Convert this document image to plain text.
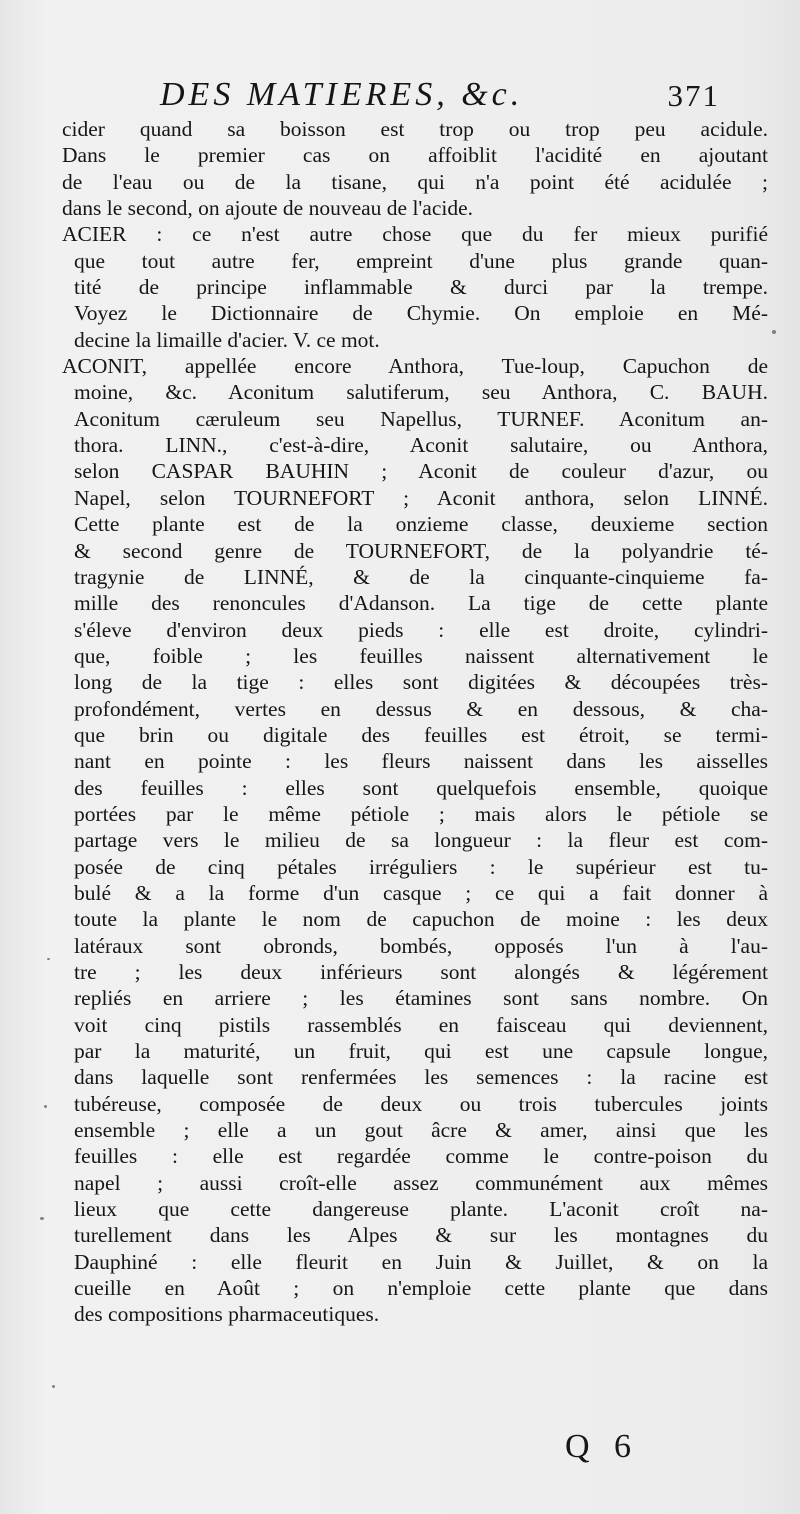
DES MATIERES, &c.	371
cider quand sa boisson est trop ou trop peu acidule.
Dans le premier cas on affoiblit l'acidité en ajoutant
de l'eau ou de la tisane, qui n'a point été acidulée ;
dans le second, on ajoute de nouveau de l'acide.
ACIER : ce n'est autre chose que du fer mieux purifié
que tout autre fer, empreint d'une plus grande quan-
tité de principe inflammable & durci par la trempe.
Voyez le Dictionnaire de Chymie. On emploie en Mé-
decine la limaille d'acier. V. ce mot.
ACONIT, appellée encore Anthora, Tue-loup, Capuchon de
moine, &c. Aconitum salutiferum, seu Anthora, C. BAUH.
Aconitum cæruleum seu Napellus, TURNEF. Aconitum an-
thora. LINN., c'est-à-dire, Aconit salutaire, ou Anthora,
selon CASPAR BAUHIN ; Aconit de couleur d'azur, ou
Napel, selon TOURNEFORT ; Aconit anthora, selon LINNÉ.
Cette plante est de la onzieme classe, deuxieme section
& second genre de TOURNEFORT, de la polyandrie té-
tragynie de LINNÉ, & de la cinquante-cinquieme fa-
mille des renoncules d'Adanson. La tige de cette plante
s'éleve d'environ deux pieds : elle est droite, cylindri-
que, foible ; les feuilles naissent alternativement le
long de la tige : elles sont digitées & découpées très-
profondément, vertes en dessus & en dessous, & cha-
que brin ou digitale des feuilles est étroit, se termi-
nant en pointe : les fleurs naissent dans les aisselles
des feuilles : elles sont quelquefois ensemble, quoique
portées par le même pétiole ; mais alors le pétiole se
partage vers le milieu de sa longueur : la fleur est com-
posée de cinq pétales irréguliers : le supérieur est tu-
bulé & a la forme d'un casque ; ce qui a fait donner à
toute la plante le nom de capuchon de moine : les deux
latéraux sont obronds, bombés, opposés l'un à l'au-
tre ; les deux inférieurs sont alongés & légérement
repliés en arriere ; les étamines sont sans nombre. On
voit cinq pistils rassemblés en faisceau qui deviennent,
par la maturité, un fruit, qui est une capsule longue,
dans laquelle sont renfermées les semences : la racine est
tubéreuse, composée de deux ou trois tubercules joints
ensemble ; elle a un gout âcre & amer, ainsi que les
feuilles : elle est regardée comme le contre-poison du
napel ; aussi croît-elle assez communément aux mêmes
lieux que cette dangereuse plante. L'aconit croît na-
turellement dans les Alpes & sur les montagnes du
Dauphiné : elle fleurit en Juin & Juillet, & on la
cueille en Août ; on n'emploie cette plante que dans
des compositions pharmaceutiques.
Q 6
